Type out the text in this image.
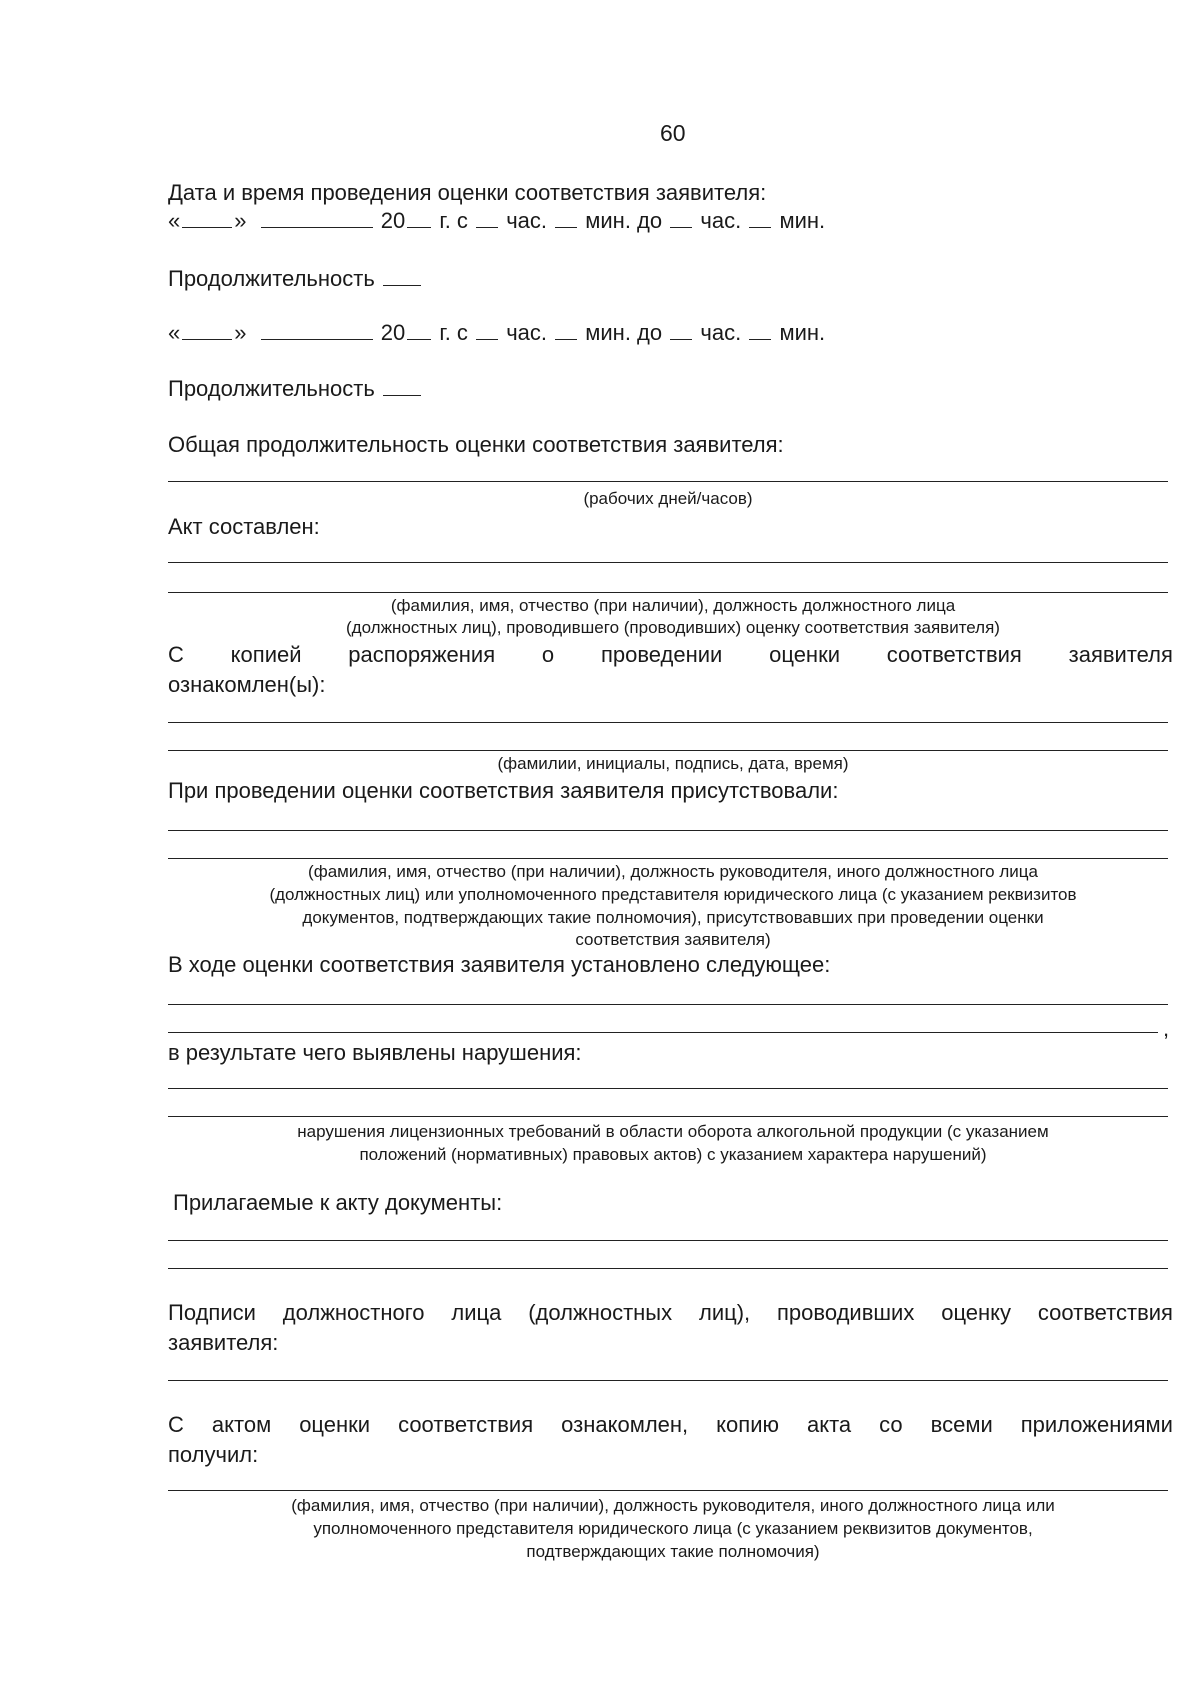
60
Дата и время проведения оценки соответствия заявителя:
« »	20 г. с час. мин. до час. мин.
Продолжительность
« »	20 г. с час. мин. до час. мин.
Продолжительность
Общая продолжительность оценки соответствия заявителя:
(рабочих дней/часов)
Акт составлен:
(фамилия, имя, отчество (при наличии), должность должностного лица
(должностных лиц), проводившего (проводивших) оценку соответствия заявителя)
С копией распоряжения о проведении оценки соответствия заявителя
ознакомлен(ы):
(фамилии, инициалы, подпись, дата, время)
При проведении оценки соответствия заявителя присутствовали:
(фамилия, имя, отчество (при наличии), должность руководителя, иного должностного лица
(должностных лиц) или уполномоченного представителя юридического лица (с указанием реквизитов
документов, подтверждающих такие полномочия), присутствовавших при проведении оценки
соответствия заявителя)
В ходе оценки соответствия заявителя установлено следующее:
,
в результате чего выявлены нарушения:
нарушения лицензионных требований в области оборота алкогольной продукции (с указанием
положений (нормативных) правовых актов) с указанием характера нарушений)
Прилагаемые к акту документы:
Подписи должностного лица (должностных лиц), проводивших оценку соответствия
заявителя:
С актом оценки соответствия ознакомлен, копию акта со всеми приложениями
получил:
(фамилия, имя, отчество (при наличии), должность руководителя, иного должностного лица или
уполномоченного представителя юридического лица (с указанием реквизитов документов,
подтверждающих такие полномочия)
